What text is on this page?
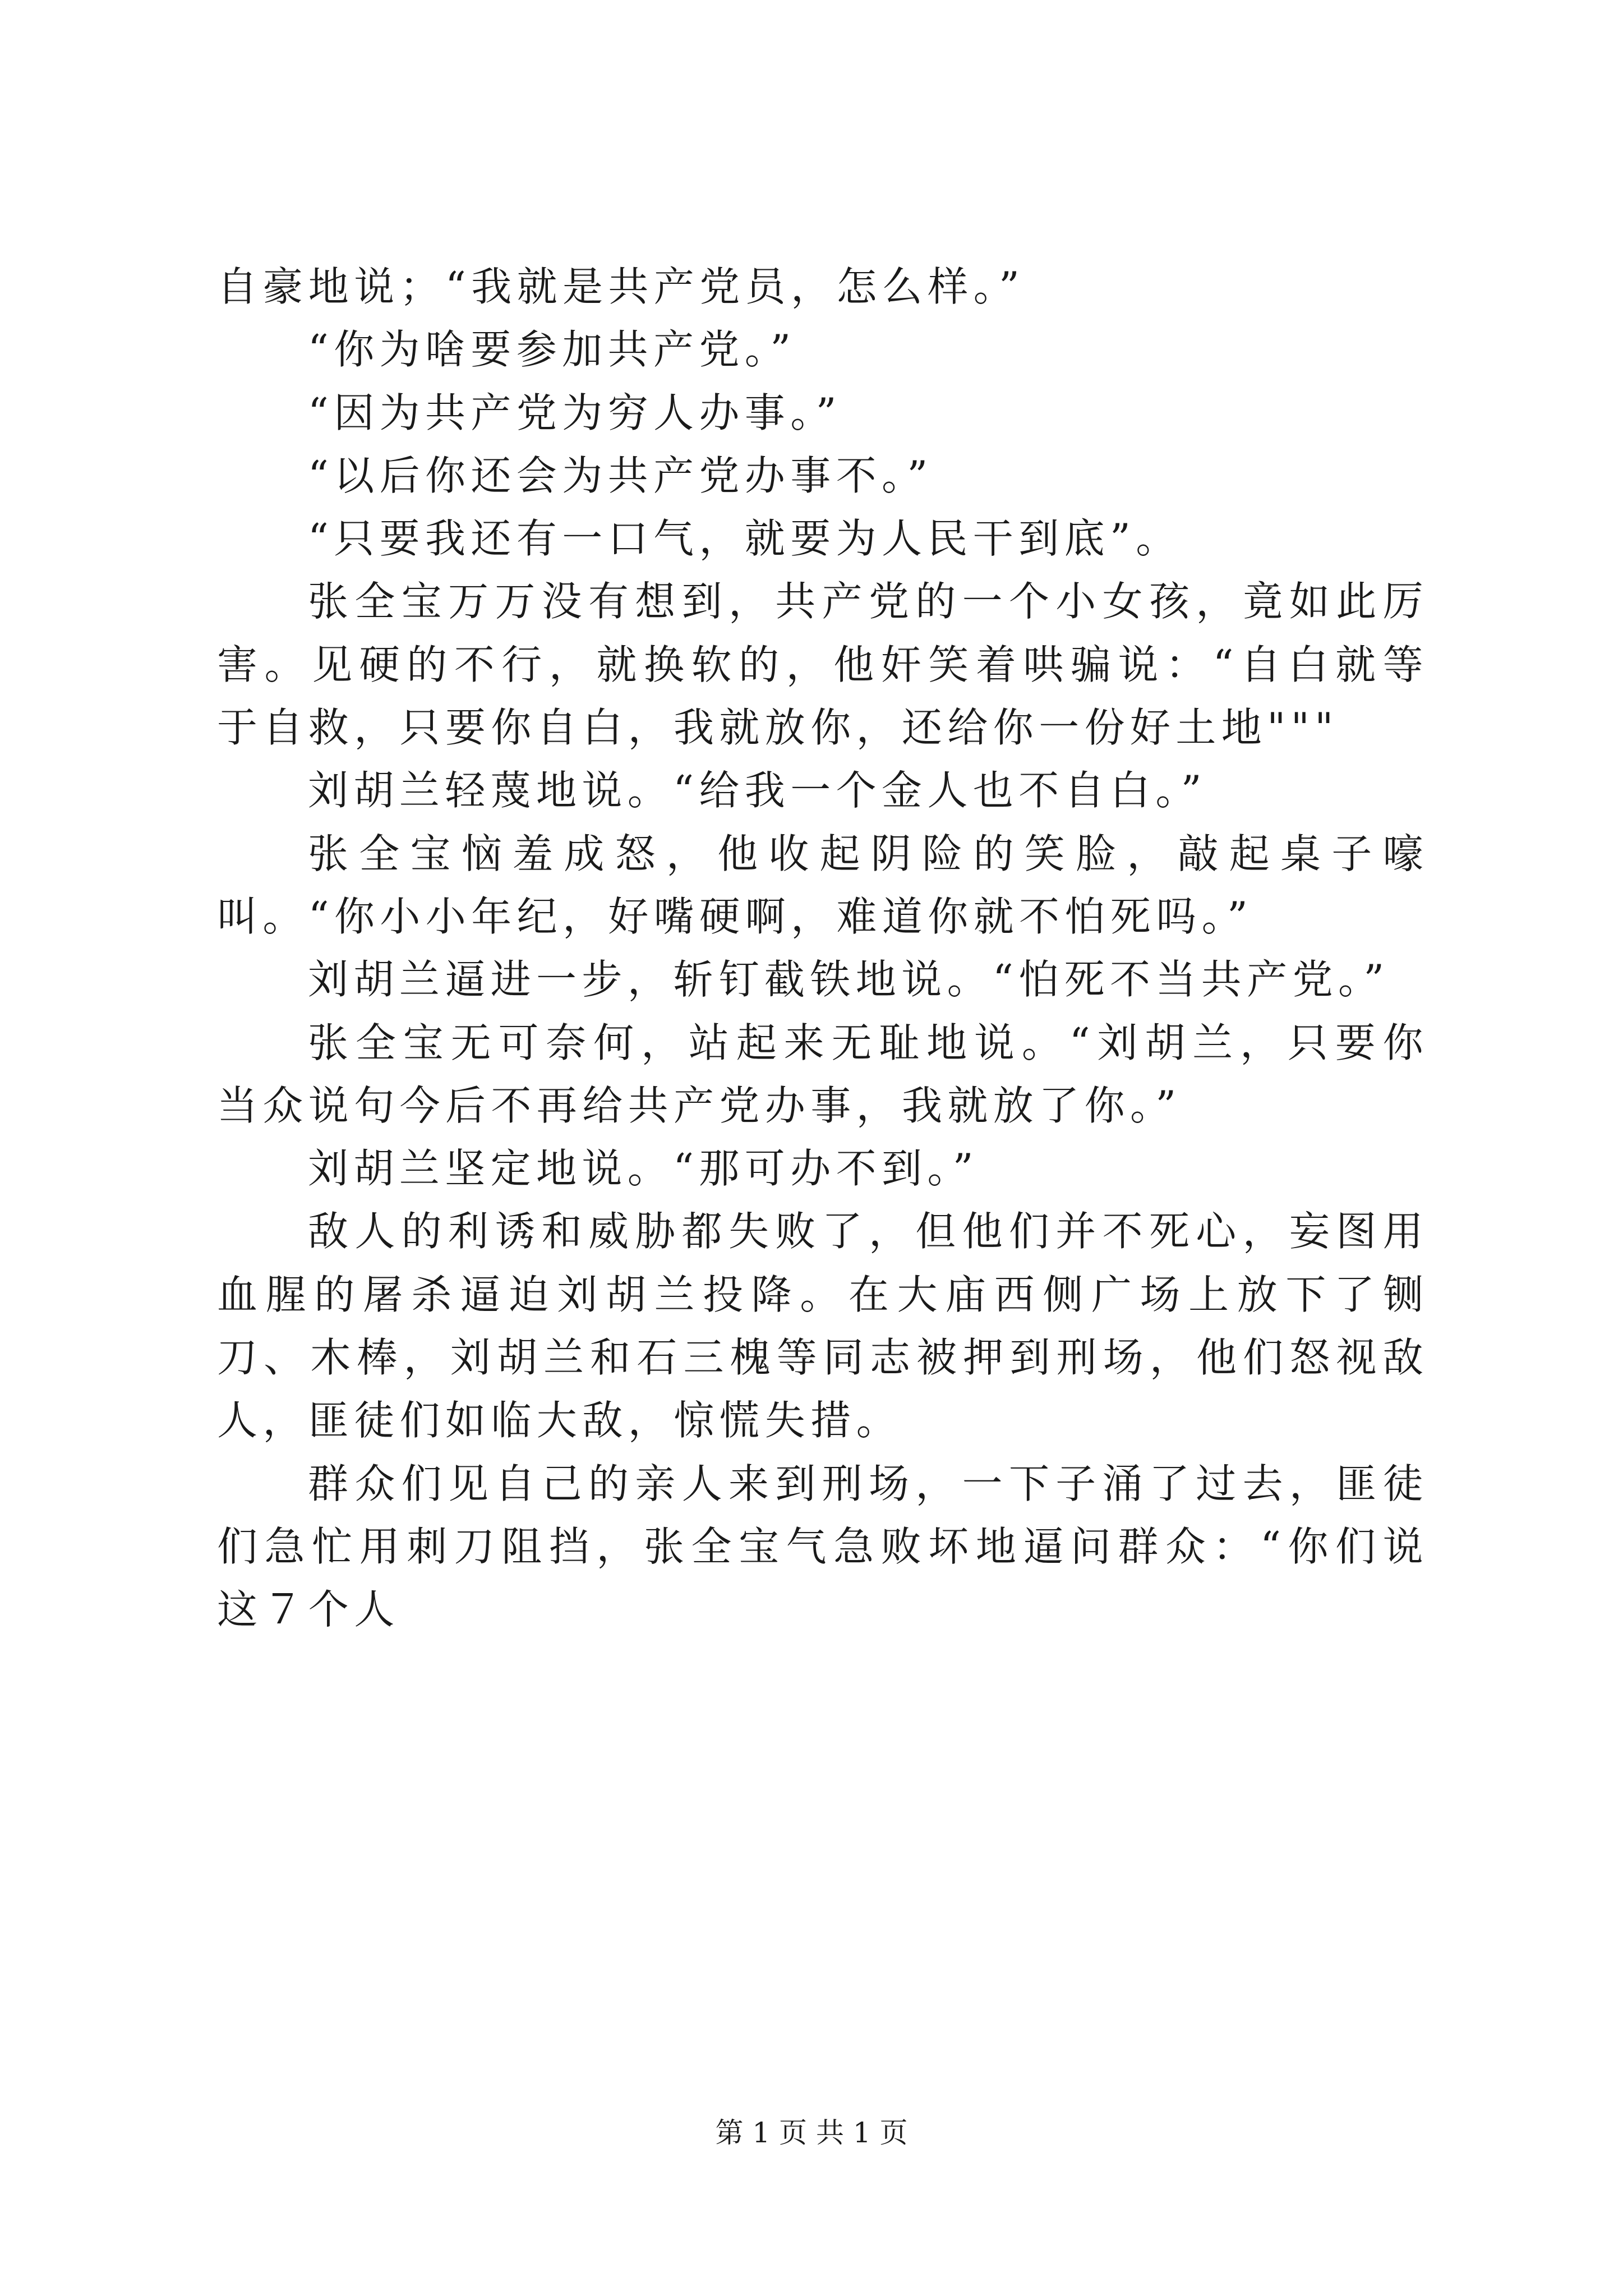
自豪地说；“我就是共产党员，怎么样。”

“你为啥要参加共产党。”

“因为共产党为穷人办事。”

“以后你还会为共产党办事不。”

“只要我还有一口气，就要为人民干到底”。

张全宝万万没有想到，共产党的一个小女孩，竟如此厉害。见硬的不行，就换软的，他奸笑着哄骗说：“自白就等于自救，只要你自白，我就放你，还给你一份好土地"""

刘胡兰轻蔑地说。“给我一个金人也不自白。”

张全宝恼羞成怒，他收起阴险的笑脸，敲起桌子嚎叫。“你小小年纪，好嘴硬啊，难道你就不怕死吗。”

刘胡兰逼进一步，斩钉截铁地说。“怕死不当共产党。”

张全宝无可奈何，站起来无耻地说。“刘胡兰，只要你当众说句今后不再给共产党办事，我就放了你。”

刘胡兰坚定地说。“那可办不到。”

敌人的利诱和威胁都失败了，但他们并不死心，妄图用血腥的屠杀逼迫刘胡兰投降。在大庙西侧广场上放下了铡刀、木棒，刘胡兰和石三槐等同志被押到刑场，他们怒视敌人，匪徒们如临大敌，惊慌失措。

群众们见自己的亲人来到刑场，一下子涌了过去，匪徒们急忙用刺刀阻挡，张全宝气急败坏地逼问群众：“你们说这７个人

第 1 页 共 1 页
